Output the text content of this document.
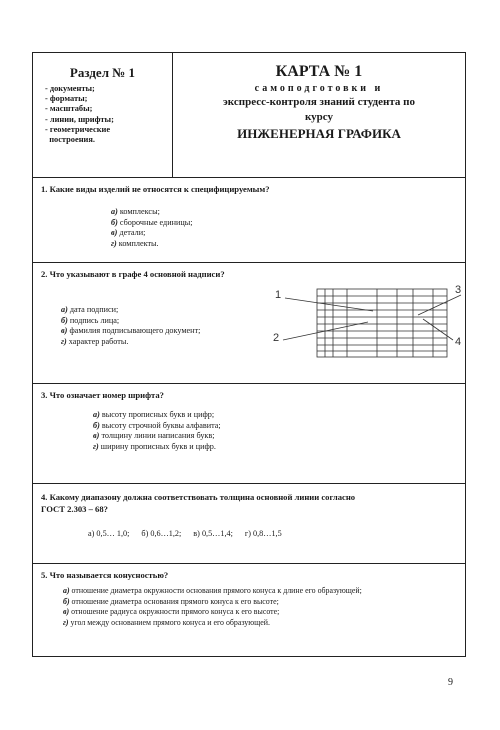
Раздел № 1
- документы;
- форматы;
- масштабы;
- линии, шрифты;
- геометрические
построения.
КАРТА № 1
самоподготовки и
экспресс-контроля знаний студента по
курсу
ИНЖЕНЕРНАЯ ГРАФИКА
1. Какие виды изделий не относятся к специфицируемым?
а) комплексы;
б) сборочные единицы;
в) детали;
г) комплекты.
2. Что указывают в графе 4 основной надписи?
а) дата подписи;
б) подпись лица;
в) фамилия подписывающего документ;
г) характер работы.
1
2
3
4
3. Что означает номер шрифта?
а) высоту прописных букв и цифр;
б) высоту строчной буквы алфавита;
в) толщину линии написания букв;
г) ширину прописных букв и цифр.
4. Какому диапазону должна соответствовать толщина основной линии согласно
ГОСТ 2.303 – 68?
а) 0,5… 1,0; б) 0,6…1,2; в) 0,5…1,4; г) 0,8…1,5
5. Что называется конусностью?
а) отношение диаметра окружности основания прямого конуса к длине его образующей;
б) отношение диаметра основания прямого конуса к его высоте;
в) отношение радиуса окружности прямого конуса к его высоте;
г) угол между основанием прямого конуса и его образующей.
9
